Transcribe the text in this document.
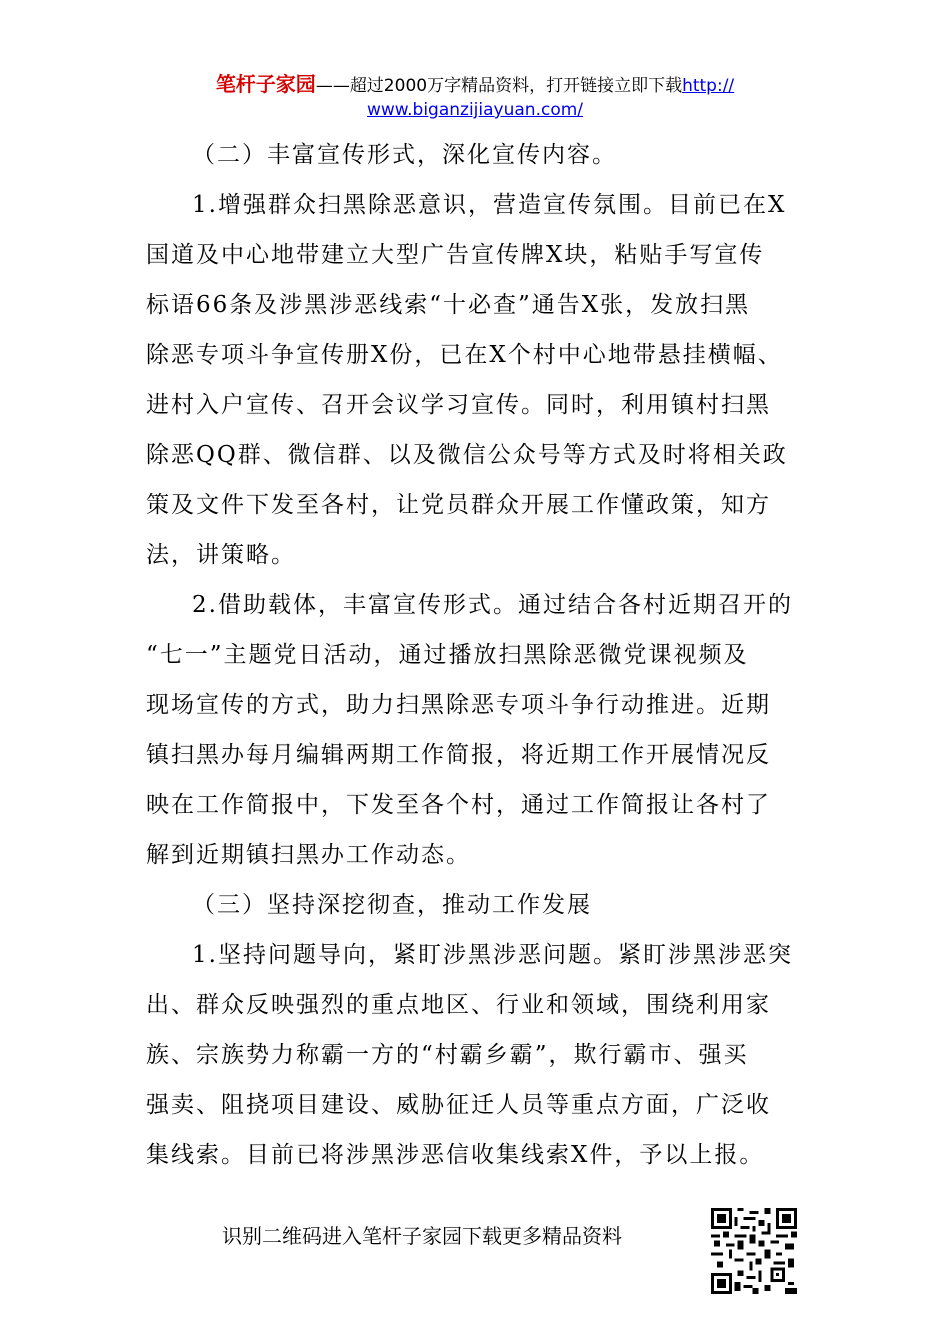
笔杆子家园——超过2000万字精品资料，打开链接立即下载http://
www.biganzijiayuan.com/
（二）丰富宣传形式，深化宣传内容。
1.增强群众扫黑除恶意识，营造宣传氛围。目前已在X
国道及中心地带建立大型广告宣传牌X块，粘贴手写宣传
标语66条及涉黑涉恶线索“十必查”通告X张，发放扫黑
除恶专项斗争宣传册X份，已在X个村中心地带悬挂横幅、
进村入户宣传、召开会议学习宣传。同时，利用镇村扫黑
除恶QQ群、微信群、以及微信公众号等方式及时将相关政
策及文件下发至各村，让党员群众开展工作懂政策，知方
法，讲策略。
2.借助载体，丰富宣传形式。通过结合各村近期召开的
“七一”主题党日活动，通过播放扫黑除恶微党课视频及
现场宣传的方式，助力扫黑除恶专项斗争行动推进。近期
镇扫黑办每月编辑两期工作简报，将近期工作开展情况反
映在工作简报中，下发至各个村，通过工作简报让各村了
解到近期镇扫黑办工作动态。
（三）坚持深挖彻查，推动工作发展
1.坚持问题导向，紧盯涉黑涉恶问题。紧盯涉黑涉恶突
出、群众反映强烈的重点地区、行业和领域，围绕利用家
族、宗族势力称霸一方的“村霸乡霸”，欺行霸市、强买
强卖、阻挠项目建设、威胁征迁人员等重点方面，广泛收
集线索。目前已将涉黑涉恶信收集线索X件，予以上报。
识别二维码进入笔杆子家园下载更多精品资料
